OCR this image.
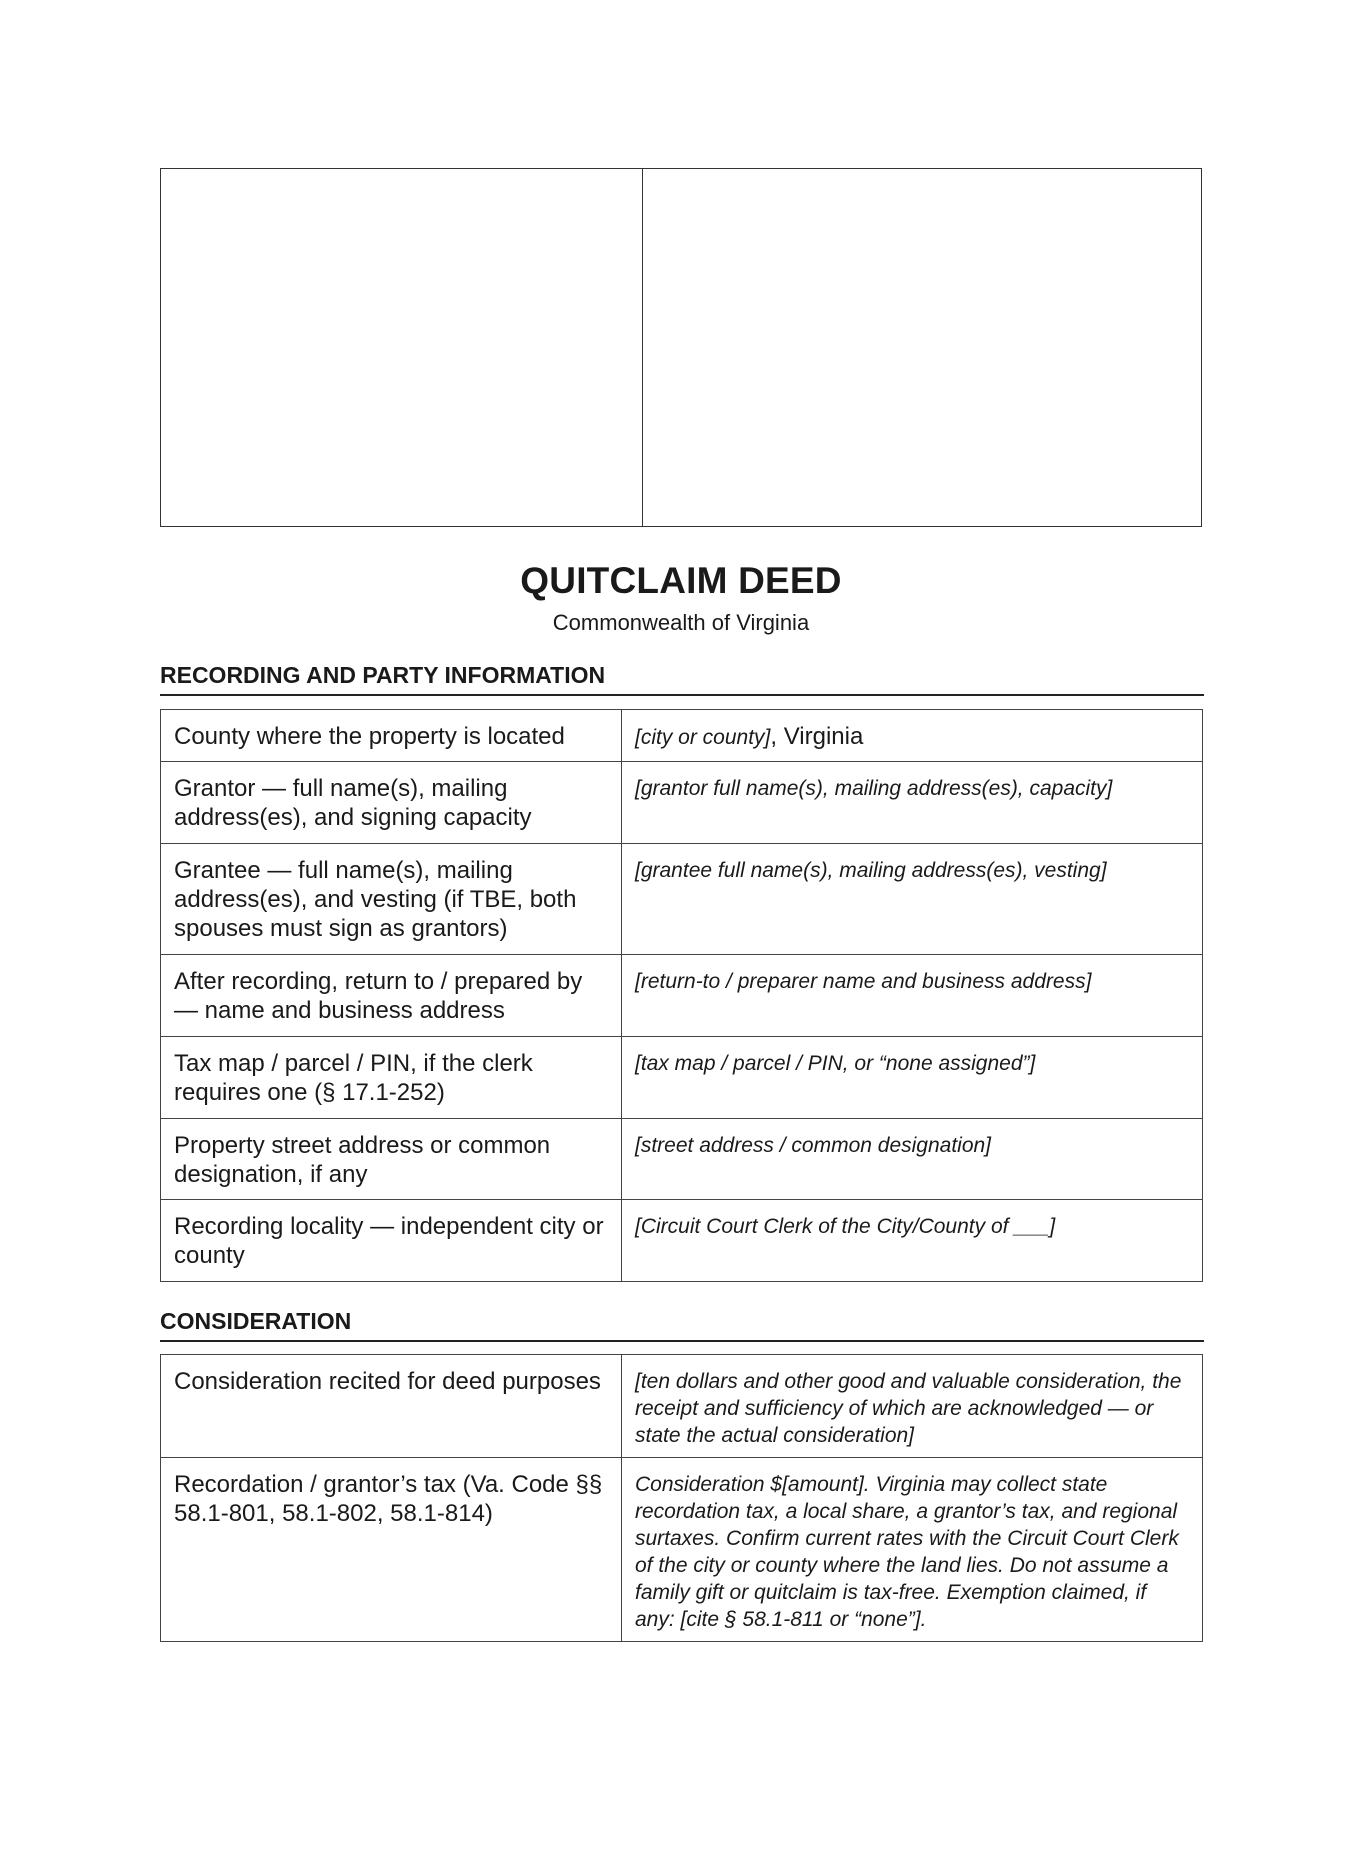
QUITCLAIM DEED
Commonwealth of Virginia
RECORDING AND PARTY INFORMATION
County where the property is located	[city or county], Virginia
Grantor — full name(s), mailing address(es), and signing capacity	[grantor full name(s), mailing address(es), capacity]
Grantee — full name(s), mailing address(es), and vesting (if TBE, both spouses must sign as grantors)	[grantee full name(s), mailing address(es), vesting]
After recording, return to / prepared by — name and business address	[return-to / preparer name and business address]
Tax map / parcel / PIN, if the clerk requires one (§ 17.1-252)	[tax map / parcel / PIN, or “none assigned”]
Property street address or common designation, if any	[street address / common designation]
Recording locality — independent city or county	[Circuit Court Clerk of the City/County of ___]
CONSIDERATION
Consideration recited for deed purposes	[ten dollars and other good and valuable consideration, the receipt and sufficiency of which are acknowledged — or state the actual consideration]
Recordation / grantor’s tax (Va. Code §§ 58.1-801, 58.1-802, 58.1-814)	Consideration $[amount]. Virginia may collect state recordation tax, a local share, a grantor’s tax, and regional surtaxes. Confirm current rates with the Circuit Court Clerk of the city or county where the land lies. Do not assume a family gift or quitclaim is tax-free. Exemption claimed, if any: [cite § 58.1-811 or “none”].
